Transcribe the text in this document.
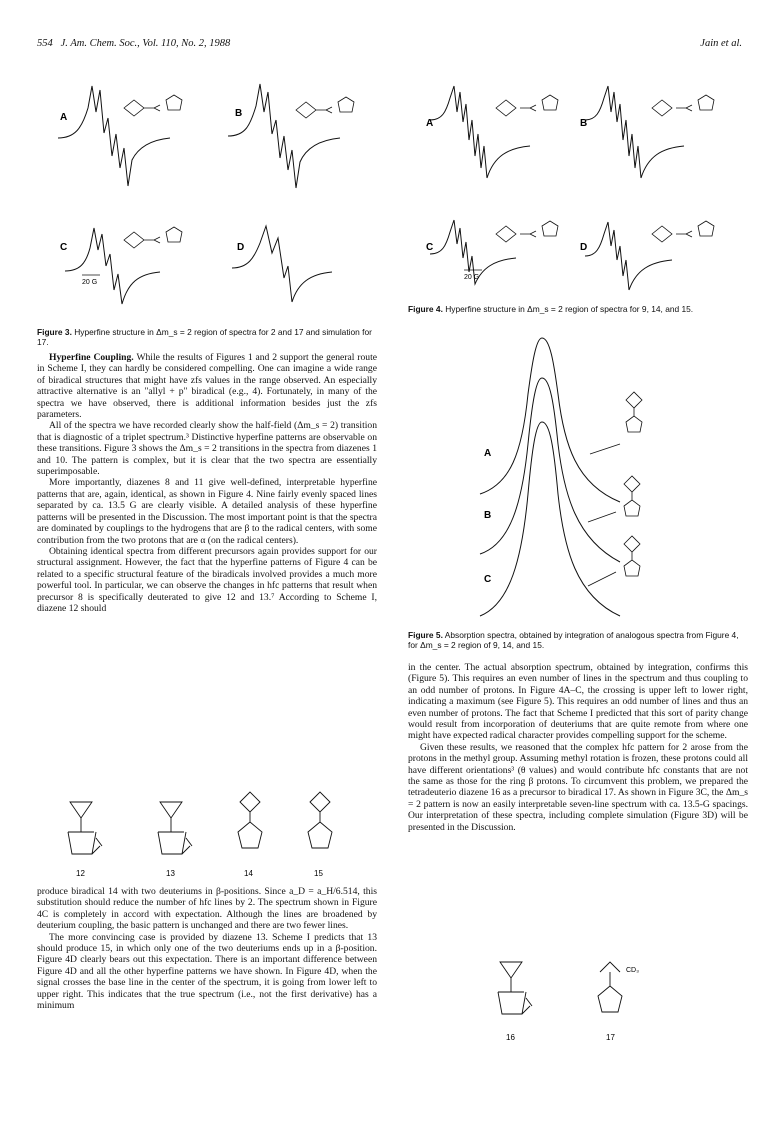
554 J. Am. Chem. Soc., Vol. 110, No. 2, 1988	Jain et al.
A	B
C	D
20 G
Figure 3. Hyperfine structure in Δm_s = 2 region of spectra for 2 and 17 and simulation for 17.
A	B
C	D
20 G
Figure 4. Hyperfine structure in Δm_s = 2 region of spectra for 9, 14, and 15.
A
B
C
Figure 5. Absorption spectra, obtained by integration of analogous spectra from Figure 4, for Δm_s = 2 region of 9, 14, and 15.

Hyperfine Coupling. While the results of Figures 1 and 2 support the general route in Scheme I, they can hardly be considered compelling. One can imagine a wide range of biradical structures that might have zfs values in the range observed. An especially attractive alternative is an "allyl + p" biradical (e.g., 4). Fortunately, in many of the spectra we have observed, there is additional information besides just the zfs parameters.

All of the spectra we have recorded clearly show the half-field (Δm_s = 2) transition that is diagnostic of a triplet spectrum.³ Distinctive hyperfine patterns are observable on these transitions. Figure 3 shows the Δm_s = 2 transitions in the spectra from diazenes 1 and 10. The pattern is complex, but it is clear that the two spectra are essentially superimposable.

More importantly, diazenes 8 and 11 give well-defined, interpretable hyperfine patterns that are, again, identical, as shown in Figure 4. Nine fairly evenly spaced lines separated by ca. 13.5 G are clearly visible. A detailed analysis of these hyperfine patterns will be presented in the Discussion. The most important point is that the spectra are dominated by couplings to the hydrogens that are β to the radical centers, with some contribution from the two protons that are α (on the radical centers).

Obtaining identical spectra from different precursors again provides support for our structural assignment. However, the fact that the hyperfine patterns of Figure 4 can be related to a specific structural feature of the biradicals involved provides a much more powerful tool. In particular, we can observe the changes in hfc patterns that result when precursor 8 is specifically deuterated to give 12 and 13.⁷ According to Scheme I, diazene 12 should

12	13	14	15

produce biradical 14 with two deuteriums in β-positions. Since a_D = a_H/6.514, this substitution should reduce the number of hfc lines by 2. The spectrum shown in Figure 4C is completely in accord with expectation. Although the lines are broadened by deuterium coupling, the basic pattern is unchanged and there are two fewer lines.

The more convincing case is provided by diazene 13. Scheme I predicts that 13 should produce 15, in which only one of the two deuteriums ends up in a β-position. Figure 4D clearly bears out this expectation. There is an important difference between Figure 4D and all the other hyperfine patterns we have shown. In Figure 4D, when the signal crosses the base line in the center of the spectrum, it is going from lower left to upper right. This indicates that the true spectrum (i.e., not the first derivative) has a minimum

in the center. The actual absorption spectrum, obtained by integration, confirms this (Figure 5). This requires an even number of lines in the spectrum and thus coupling to an odd number of protons. In Figure 4A–C, the crossing is upper left to lower right, indicating a maximum (see Figure 5). This requires an odd number of lines and thus an even number of protons. The fact that Scheme I predicted that this sort of parity change would result from incorporation of deuteriums that are quite remote from where one might have expected radical character provides compelling support for the scheme.

Given these results, we reasoned that the complex hfc pattern for 2 arose from the protons in the methyl group. Assuming methyl rotation is frozen, these protons could all have different orientations³ (θ values) and would contribute hfc constants that are not the same as those for the ring β protons. To circumvent this problem, we prepared the tetradeuterio diazene 16 as a precursor to biradical 17. As shown in Figure 3C, the Δm_s = 2 pattern is now an easily interpretable seven-line spectrum with ca. 13.5-G spacings. Our interpretation of these spectra, including complete simulation (Figure 3D) will be presented in the Discussion.

CD₃
16	17
